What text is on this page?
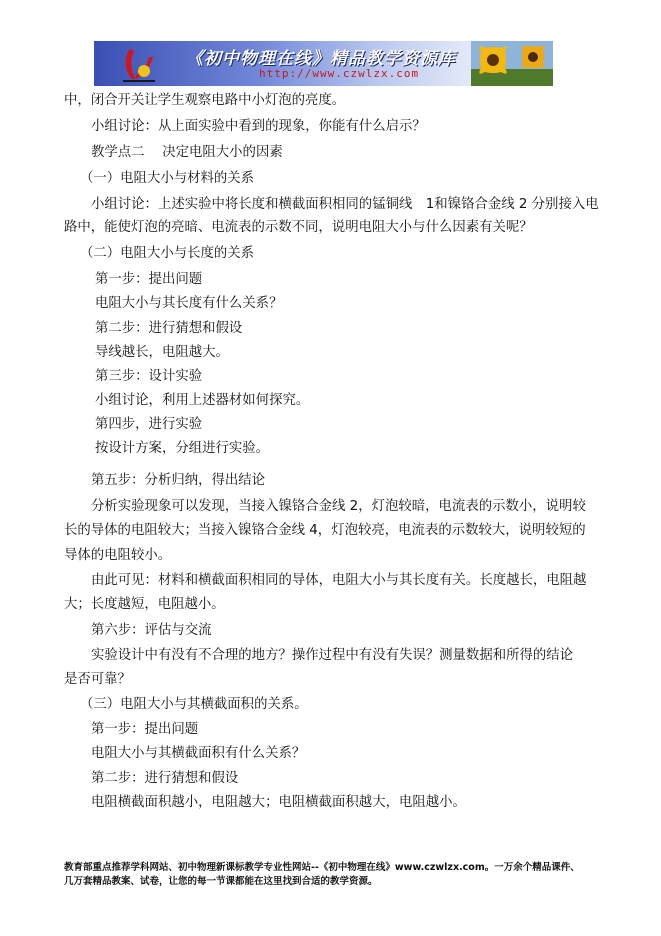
《初中物理在线》精品教学资源库
http://www.czwlzx.com
中，闭合开关让学生观察电路中小灯泡的亮度。
小组讨论：从上面实验中看到的现象，你能有什么启示？
教学点二　 决定电阻大小的因素
（一）电阻大小与材料的关系
小组讨论：上述实验中将长度和横截面积相同的锰铜线　1和镍铬合金线 2 分别接入电
路中，能使灯泡的亮暗、电流表的示数不同，说明电阻大小与什么因素有关呢？
（二）电阻大小与长度的关系
第一步：提出问题
电阻大小与其长度有什么关系？
第二步：进行猜想和假设
导线越长，电阻越大。
第三步：设计实验
小组讨论，利用上述器材如何探究。
第四步，进行实验
按设计方案，分组进行实验。
第五步：分析归纳，得出结论
分析实验现象可以发现，当接入镍铬合金线 2，灯泡较暗，电流表的示数小，说明较
长的导体的电阻较大；当接入镍铬合金线 4，灯泡较亮，电流表的示数较大，说明较短的
导体的电阻较小。
由此可见：材料和横截面积相同的导体，电阻大小与其长度有关。长度越长，电阻越
大；长度越短，电阻越小。
第六步：评估与交流
实验设计中有没有不合理的地方？操作过程中有没有失误？测量数据和所得的结论
是否可靠？
（三）电阻大小与其横截面积的关系。
第一步：提出问题
电阻大小与其横截面积有什么关系？
第二步：进行猜想和假设
电阻横截面积越小，电阻越大；电阻横截面积越大，电阻越小。
教育部重点推荐学科网站、初中物理新课标教学专业性网站--《初中物理在线》www.czwlzx.com。一万余个精品课件、
几万套精品教案、试卷，让您的每一节课都能在这里找到合适的教学资源。
